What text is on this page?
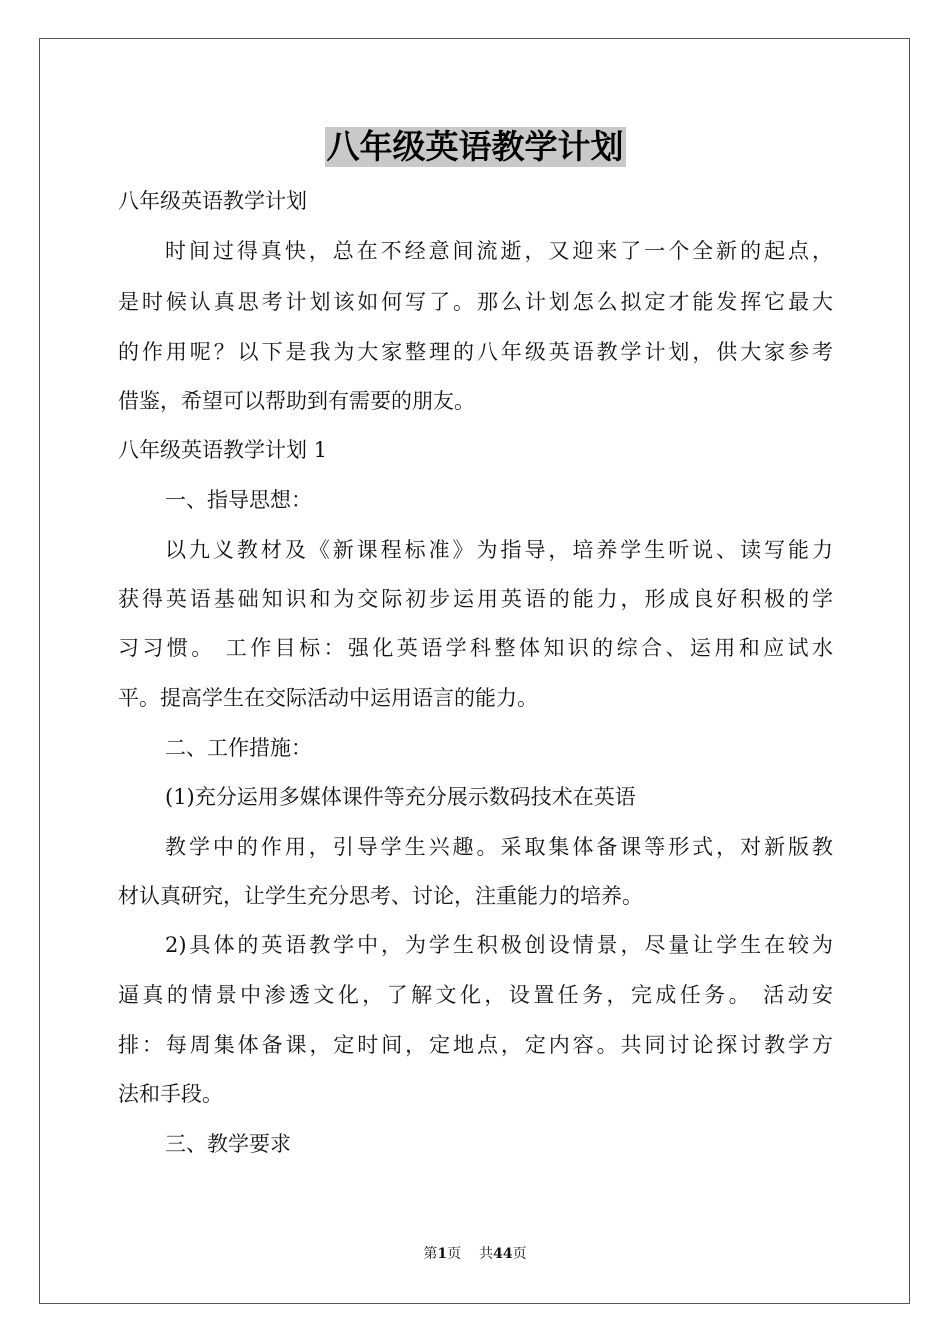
八年级英语教学计划
八年级英语教学计划
时间过得真快，总在不经意间流逝，又迎来了一个全新的起点，
是时候认真思考计划该如何写了。那么计划怎么拟定才能发挥它最大
的作用呢？以下是我为大家整理的八年级英语教学计划，供大家参考
借鉴，希望可以帮助到有需要的朋友。
八年级英语教学计划 1
一、指导思想：
以九义教材及《新课程标准》为指导，培养学生听说、读写能力
获得英语基础知识和为交际初步运用英语的能力，形成良好积极的学
习习惯。 工作目标：强化英语学科整体知识的综合、运用和应试水
平。提高学生在交际活动中运用语言的能力。
二、工作措施：
(1)充分运用多媒体课件等充分展示数码技术在英语
教学中的作用，引导学生兴趣。采取集体备课等形式，对新版教
材认真研究，让学生充分思考、讨论，注重能力的培养。
2)具体的英语教学中，为学生积极创设情景，尽量让学生在较为
逼真的情景中渗透文化，了解文化，设置任务，完成任务。 活动安
排：每周集体备课，定时间，定地点，定内容。共同讨论探讨教学方
法和手段。
三、教学要求
第1页 共44页
